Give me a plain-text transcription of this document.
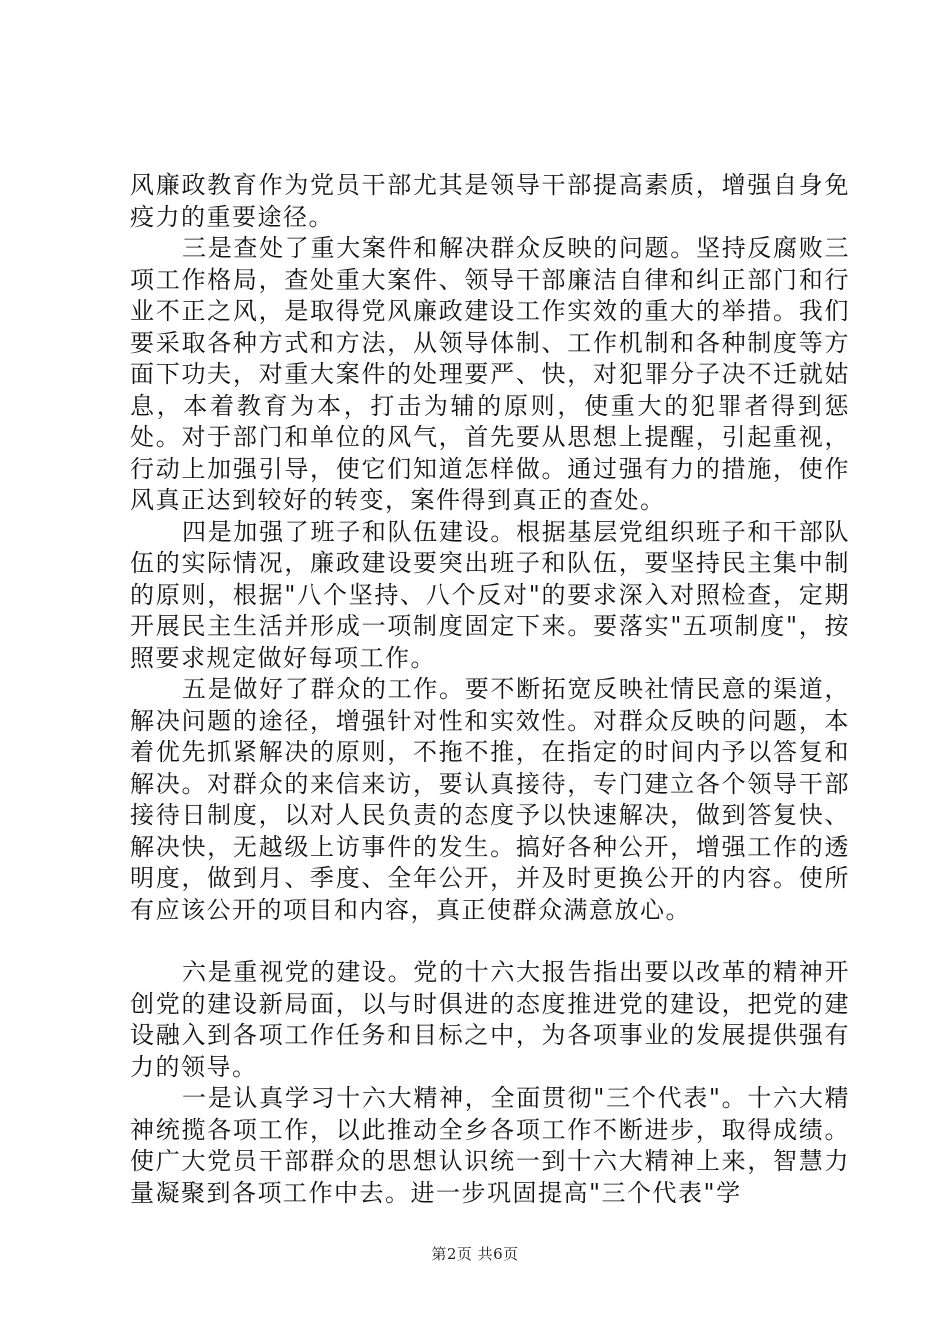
风廉政教育作为党员干部尤其是领导干部提高素质，增强自身免疫力的重要途径。

三是查处了重大案件和解决群众反映的问题。坚持反腐败三项工作格局，查处重大案件、领导干部廉洁自律和纠正部门和行业不正之风，是取得党风廉政建设工作实效的重大的举措。我们要采取各种方式和方法，从领导体制、工作机制和各种制度等方面下功夫，对重大案件的处理要严、快，对犯罪分子决不迁就姑息，本着教育为本，打击为辅的原则，使重大的犯罪者得到惩处。对于部门和单位的风气，首先要从思想上提醒，引起重视，行动上加强引导，使它们知道怎样做。通过强有力的措施，使作风真正达到较好的转变，案件得到真正的查处。

四是加强了班子和队伍建设。根据基层党组织班子和干部队伍的实际情况，廉政建设要突出班子和队伍，要坚持民主集中制的原则，根据"八个坚持、八个反对"的要求深入对照检查，定期开展民主生活并形成一项制度固定下来。要落实"五项制度"，按照要求规定做好每项工作。

五是做好了群众的工作。要不断拓宽反映社情民意的渠道，解决问题的途径，增强针对性和实效性。对群众反映的问题，本着优先抓紧解决的原则，不拖不推，在指定的时间内予以答复和解决。对群众的来信来访，要认真接待，专门建立各个领导干部接待日制度，以对人民负责的态度予以快速解决，做到答复快、解决快，无越级上访事件的发生。搞好各种公开，增强工作的透明度，做到月、季度、全年公开，并及时更换公开的内容。使所有应该公开的项目和内容，真正使群众满意放心。

六是重视党的建设。党的十六大报告指出要以改革的精神开创党的建设新局面，以与时俱进的态度推进党的建设，把党的建设融入到各项工作任务和目标之中，为各项事业的发展提供强有力的领导。

一是认真学习十六大精神，全面贯彻"三个代表"。十六大精神统揽各项工作，以此推动全乡各项工作不断进步，取得成绩。使广大党员干部群众的思想认识统一到十六大精神上来，智慧力量凝聚到各项工作中去。进一步巩固提高"三个代表"学

第2页 共6页
